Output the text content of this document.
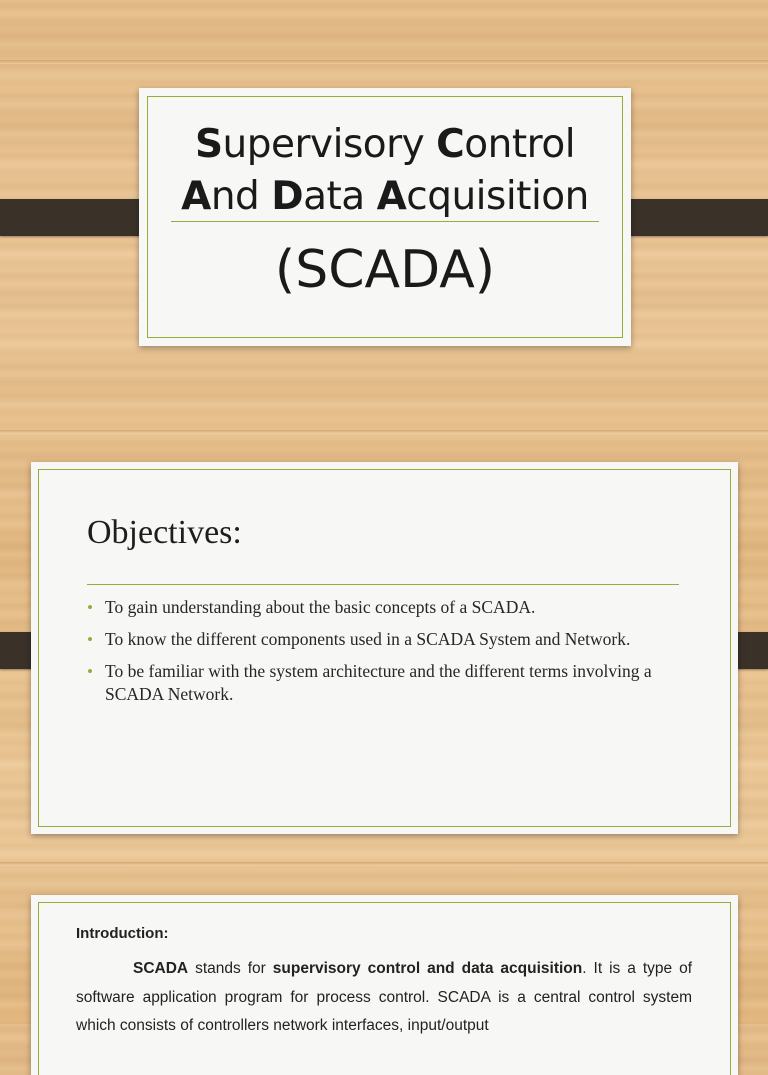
Supervisory Control
And Data Acquisition
(SCADA)
Objectives:
• To gain understanding about the basic concepts of a SCADA.
• To know the different components used in a SCADA System and Network.
• To be familiar with the system architecture and the different terms involving a SCADA Network.
Introduction:

SCADA stands for supervisory control and data acquisition. It is a type of software application program for process control. SCADA is a central control system which consists of controllers network interfaces, input/output
